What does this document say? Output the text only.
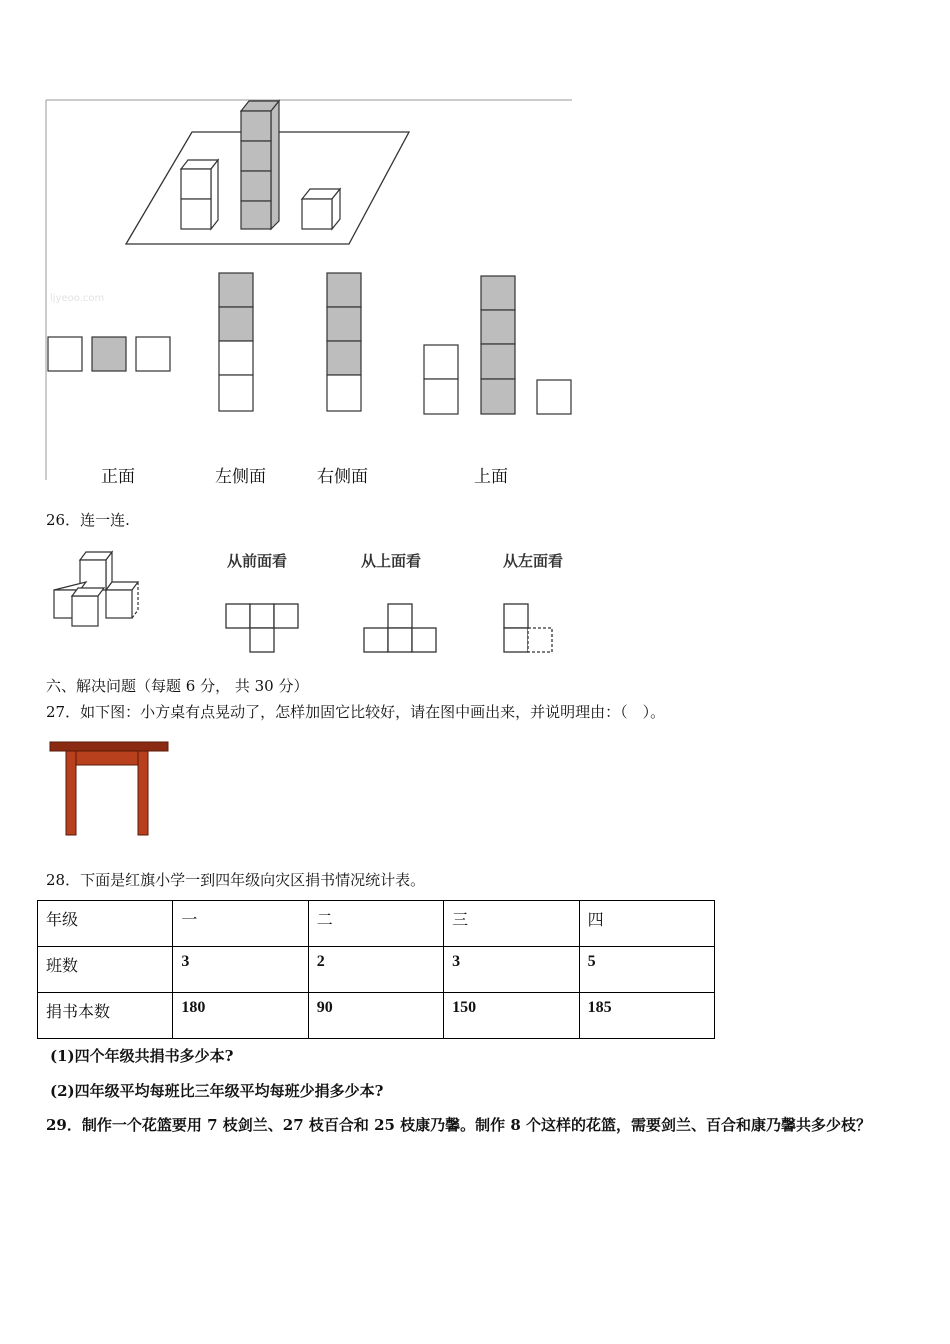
ljyeoo.com
正面	左侧面	右侧面	上面
26．连一连.
从前面看	从上面看	从左面看
六、解决问题（每题 6 分， 共 30 分）
27．如下图：小方桌有点晃动了，怎样加固它比较好，请在图中画出来，并说明理由：（　）。
28．下面是红旗小学一到四年级向灾区捐书情况统计表。
年级	一	二	三	四
班数	3	2	3	5
捐书本数	180	90	150	185
(1)四个年级共捐书多少本?
(2)四年级平均每班比三年级平均每班少捐多少本?
29．制作一个花篮要用 7 枝剑兰、27 枝百合和 25 枝康乃馨。制作 8 个这样的花篮，需要剑兰、百合和康乃馨共多少枝？
